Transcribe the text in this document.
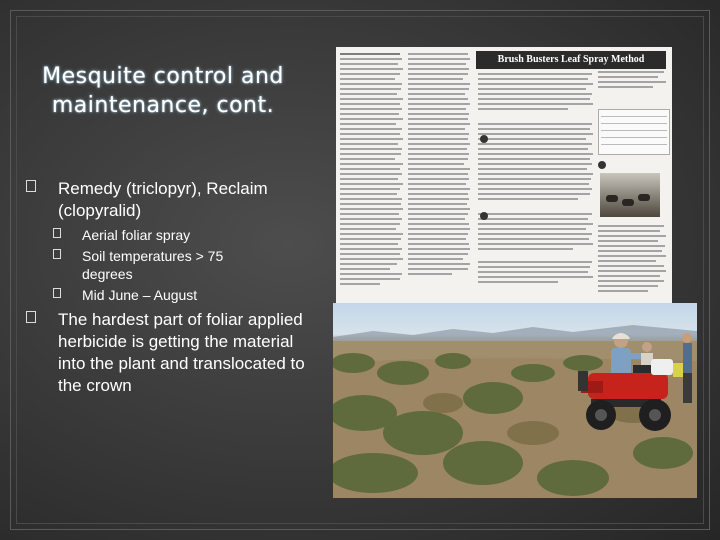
Mesquite control and maintenance, cont.
Remedy (triclopyr), Reclaim (clopyralid)
Aerial foliar spray
Soil temperatures > 75 degrees
Mid June – August
The hardest part of foliar applied herbicide is getting the material into the plant and translocated to the crown
Brush Busters Leaf Spray Method
